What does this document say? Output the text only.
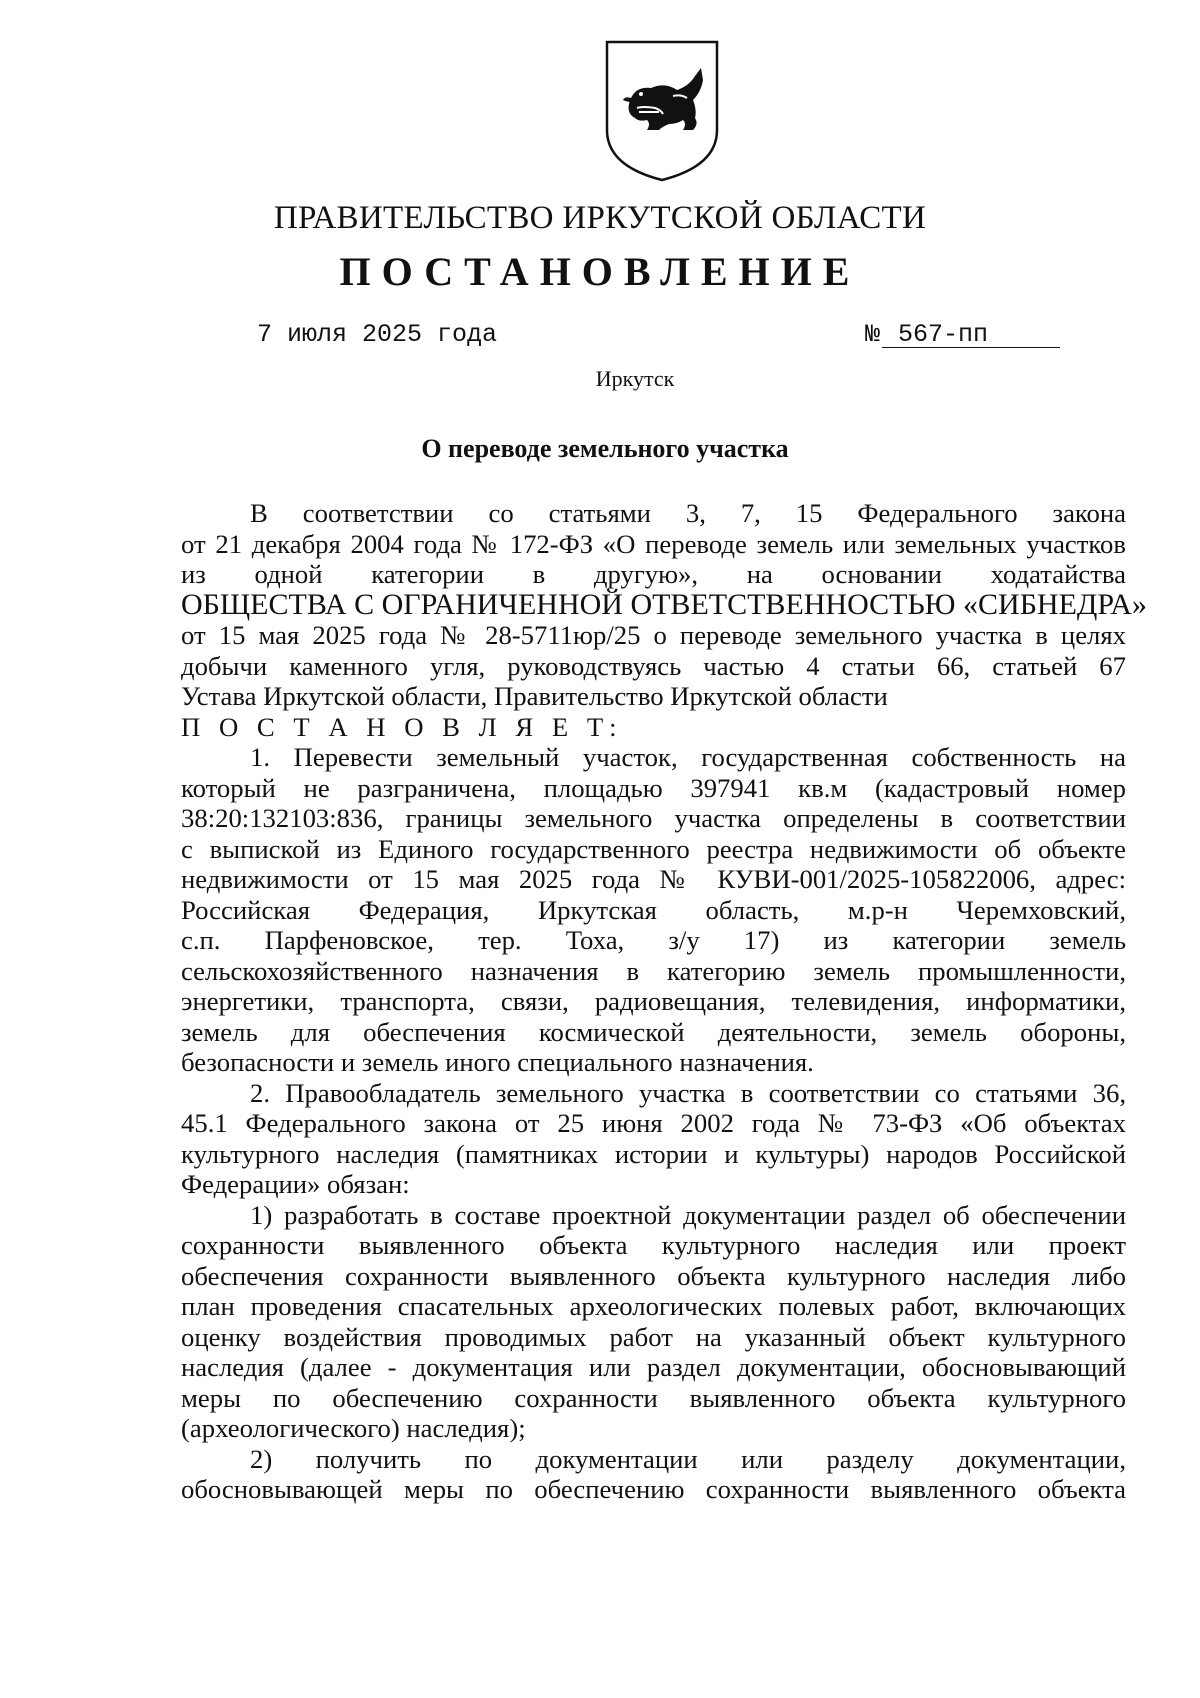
ПРАВИТЕЛЬСТВО ИРКУТСКОЙ ОБЛАСТИ
ПОСТАНОВЛЕНИЕ
7 июля 2025 года	№ 567-пп
Иркутск
О переводе земельного участка
В соответствии со статьями 3, 7, 15 Федерального закона
от 21 декабря 2004 года № 172-ФЗ «О переводе земель или земельных участков
из одной категории в другую», на основании ходатайства
ОБЩЕСТВА С ОГРАНИЧЕННОЙ ОТВЕТСТВЕННОСТЬЮ «СИБНЕДРА»
от 15 мая 2025 года № 28-5711юр/25 о переводе земельного участка в целях
добычи каменного угля, руководствуясь частью 4 статьи 66, статьей 67
Устава Иркутской области, Правительство Иркутской области
П О С Т А Н О В Л Я Е Т:
1. Перевести земельный участок, государственная собственность на
который не разграничена, площадью 397941 кв.м (кадастровый номер
38:20:132103:836, границы земельного участка определены в соответствии
с выпиской из Единого государственного реестра недвижимости об объекте
недвижимости от 15 мая 2025 года № КУВИ-001/2025-105822006, адрес:
Российская Федерация, Иркутская область, м.р-н Черемховский,
с.п. Парфеновское, тер. Тоха, з/у 17) из категории земель
сельскохозяйственного назначения в категорию земель промышленности,
энергетики, транспорта, связи, радиовещания, телевидения, информатики,
земель для обеспечения космической деятельности, земель обороны,
безопасности и земель иного специального назначения.
2. Правообладатель земельного участка в соответствии со статьями 36,
45.1 Федерального закона от 25 июня 2002 года № 73-ФЗ «Об объектах
культурного наследия (памятниках истории и культуры) народов Российской
Федерации» обязан:
1) разработать в составе проектной документации раздел об обеспечении
сохранности выявленного объекта культурного наследия или проект
обеспечения сохранности выявленного объекта культурного наследия либо
план проведения спасательных археологических полевых работ, включающих
оценку воздействия проводимых работ на указанный объект культурного
наследия (далее - документация или раздел документации, обосновывающий
меры по обеспечению сохранности выявленного объекта культурного
(археологического) наследия);
2) получить по документации или разделу документации,
обосновывающей меры по обеспечению сохранности выявленного объекта
